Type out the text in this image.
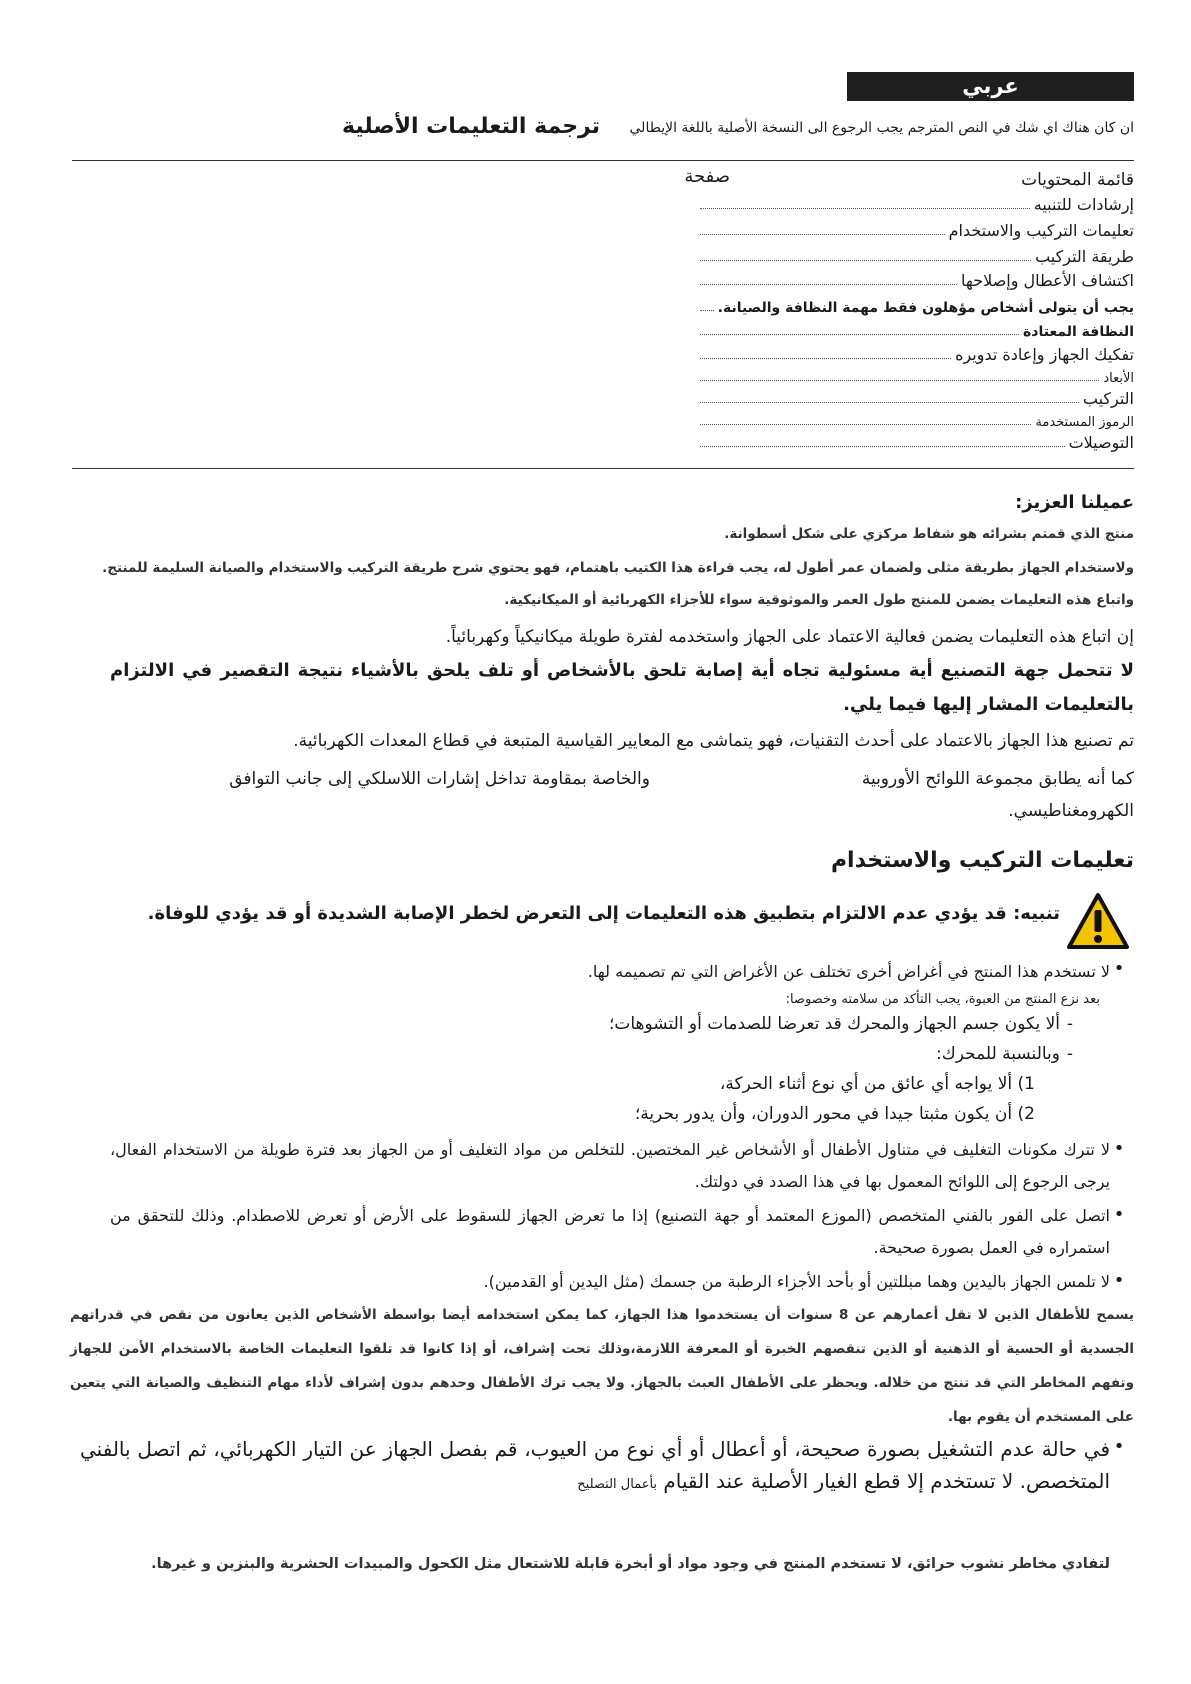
عربي
ان كان هناك اي شك في النص المترجم يجب الرجوع الى النسخة الأصلية باللغة الإيطالي
ترجمة التعليمات الأصلية
صفحة	قائمة المحتويات
إرشادات للتنبيه
تعليمات التركيب والاستخدام
طريقة التركيب
اكتشاف الأعطال وإصلاحها
يجب أن يتولى أشخاص مؤهلون فقط مهمة النظافة والصيانة.
النظافة المعتادة
تفكيك الجهاز وإعادة تدويره
الأبعاد
التركيب
الرموز المستخدمة
التوصيلات
عميلنا العزيز:
منتج الذي قمتم بشرائه هو شفاط مركزي على شكل أسطوانة.
ولاستخدام الجهاز بطريقة مثلى ولضمان عمر أطول له، يجب قراءة هذا الكتيب باهتمام، فهو يحتوي شرح طريقة التركيب والاستخدام والصيانة السليمة للمنتج. واتباع هذه التعليمات يضمن للمنتج طول العمر والموثوقية سواء للأجزاء الكهربائية أو الميكانيكية.
إن اتباع هذه التعليمات يضمن فعالية الاعتماد على الجهاز واستخدمه لفترة طويلة ميكانيكياً وكهربائياً.
لا تتحمل جهة التصنيع أية مسئولية تجاه أية إصابة تلحق بالأشخاص أو تلف يلحق بالأشياء نتيجة التقصير في الالتزام بالتعليمات المشار إليها فيما يلي.
تم تصنيع هذا الجهاز بالاعتماد على أحدث التقنيات، فهو يتماشى مع المعايير القياسية المتبعة في قطاع المعدات الكهربائية.
كما أنه يطابق مجموعة اللوائح الأوروبية
والخاصة بمقاومة تداخل إشارات اللاسلكي إلى جانب التوافق
الكهرومغناطيسي.
تعليمات التركيب والاستخدام
تنبيه: قد يؤدي عدم الالتزام بتطبيق هذه التعليمات إلى التعرض لخطر الإصابة الشديدة أو قد يؤدي للوفاة.
•
لا تستخدم هذا المنتج في أغراض أخرى تختلف عن الأغراض التي تم تصميمه لها.
بعد نزع المنتج من العبوة، يجب التأكد من سلامته وخصوصا:
-
ألا يكون جسم الجهاز والمحرك قد تعرضا للصدمات أو التشوهات؛
-
وبالنسبة للمحرك:
1) ألا يواجه أي عائق من أي نوع أثناء الحركة،
2) أن يكون مثبتا جيدا في محور الدوران، وأن يدور بحرية؛
•
لا تترك مكونات التغليف في متناول الأطفال أو الأشخاص غير المختصين. للتخلص من مواد التغليف أو من الجهاز بعد فترة طويلة من الاستخدام الفعال، يرجى الرجوع إلى اللوائح المعمول بها في هذا الصدد في دولتك.
•
اتصل على الفور بالفني المتخصص (الموزع المعتمد أو جهة التصنيع) إذا ما تعرض الجهاز للسقوط على الأرض أو تعرض للاصطدام. وذلك للتحقق من استمراره في العمل بصورة صحيحة.
•
لا تلمس الجهاز باليدين وهما مبللتين أو بأحد الأجزاء الرطبة من جسمك (مثل اليدين أو القدمين).
يسمح للأطفال الذين لا تقل أعمارهم عن 8 سنوات أن يستخدموا هذا الجهاز، كما يمكن استخدامه أيضا بواسطة الأشخاص الذين يعانون من نقص في قدراتهم الجسدية أو الحسية أو الذهنية أو الذين تنقصهم الخبرة أو المعرفة اللازمة،وذلك تحت إشراف، أو إذا كانوا قد تلقوا التعليمات الخاصة بالاستخدام الأمن للجهاز وتفهم المخاطر التي قد تنتج من خلاله. ويحظر على الأطفال العبث بالجهاز. ولا يجب ترك الأطفال وحدهم بدون إشراف لأداء مهام التنظيف والصيانة التي يتعين على المستخدم أن يقوم بها.
•
في حالة عدم التشغيل بصورة صحيحة، أو أعطال أو أي نوع من العيوب، قم بفصل الجهاز عن التيار الكهربائي، ثم اتصل بالفني المتخصص. لا تستخدم إلا قطع الغيار الأصلية عند القيام بأعمال التصليح
لتفادي مخاطر نشوب حرائق، لا تستخدم المنتج في وجود مواد أو أبخرة قابلة للاشتعال مثل الكحول والمبيدات الحشرية والبنزين و غيرها.
